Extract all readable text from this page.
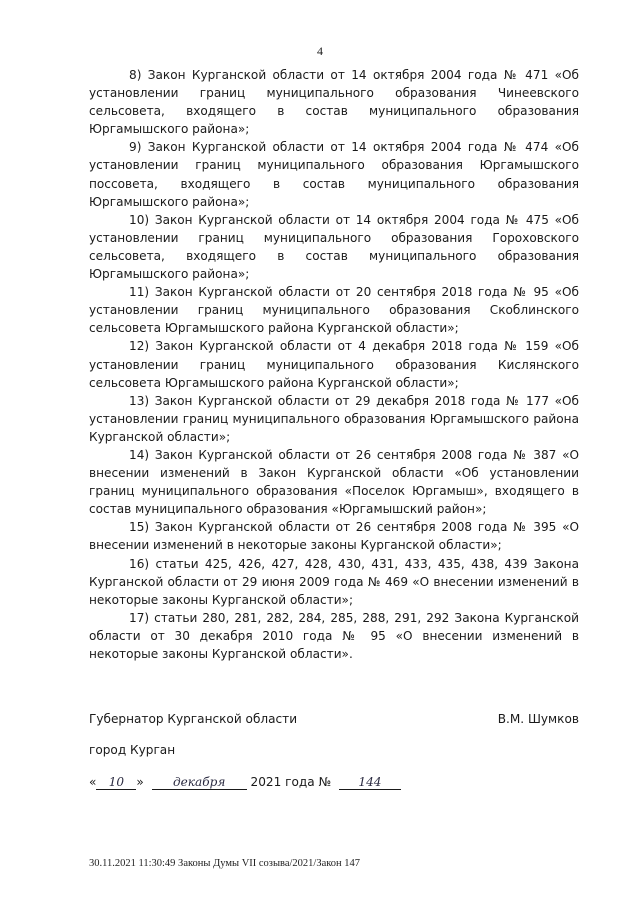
4

8) Закон Курганской области от 14 октября 2004 года № 471 «Об установлении границ муниципального образования Чинеевского сельсовета, входящего в состав муниципального образования Юргамышского района»;

9) Закон Курганской области от 14 октября 2004 года № 474 «Об установлении границ муниципального образования Юргамышского поссовета, входящего в состав муниципального образования Юргамышского района»;

10) Закон Курганской области от 14 октября 2004 года № 475 «Об установлении границ муниципального образования Гороховского сельсовета, входящего в состав муниципального образования Юргамышского района»;

11) Закон Курганской области от 20 сентября 2018 года № 95 «Об установлении границ муниципального образования Скоблинского сельсовета Юргамышского района Курганской области»;

12) Закон Курганской области от 4 декабря 2018 года № 159 «Об установлении границ муниципального образования Кислянского сельсовета Юргамышского района Курганской области»;

13) Закон Курганской области от 29 декабря 2018 года № 177 «Об установлении границ муниципального образования Юргамышского района Курганской области»;

14) Закон Курганской области от 26 сентября 2008 года № 387 «О внесении изменений в Закон Курганской области «Об установлении границ муниципального образования «Поселок Юргамыш», входящего в состав муниципального образования «Юргамышский район»;

15) Закон Курганской области от 26 сентября 2008 года № 395 «О внесении изменений в некоторые законы Курганской области»;

16) статьи 425, 426, 427, 428, 430, 431, 433, 435, 438, 439 Закона Курганской области от 29 июня 2009 года № 469 «О внесении изменений в некоторые законы Курганской области»;

17) статьи 280, 281, 282, 284, 285, 288, 291, 292 Закона Курганской области от 30 декабря 2010 года № 95 «О внесении изменений в некоторые законы Курганской области».

Губернатор Курганской области	В.М. Шумков
город Курган
« 10 » декабря 2021 года № 144
30.11.2021 11:30:49 Законы Думы VII созыва/2021/Закон 147
